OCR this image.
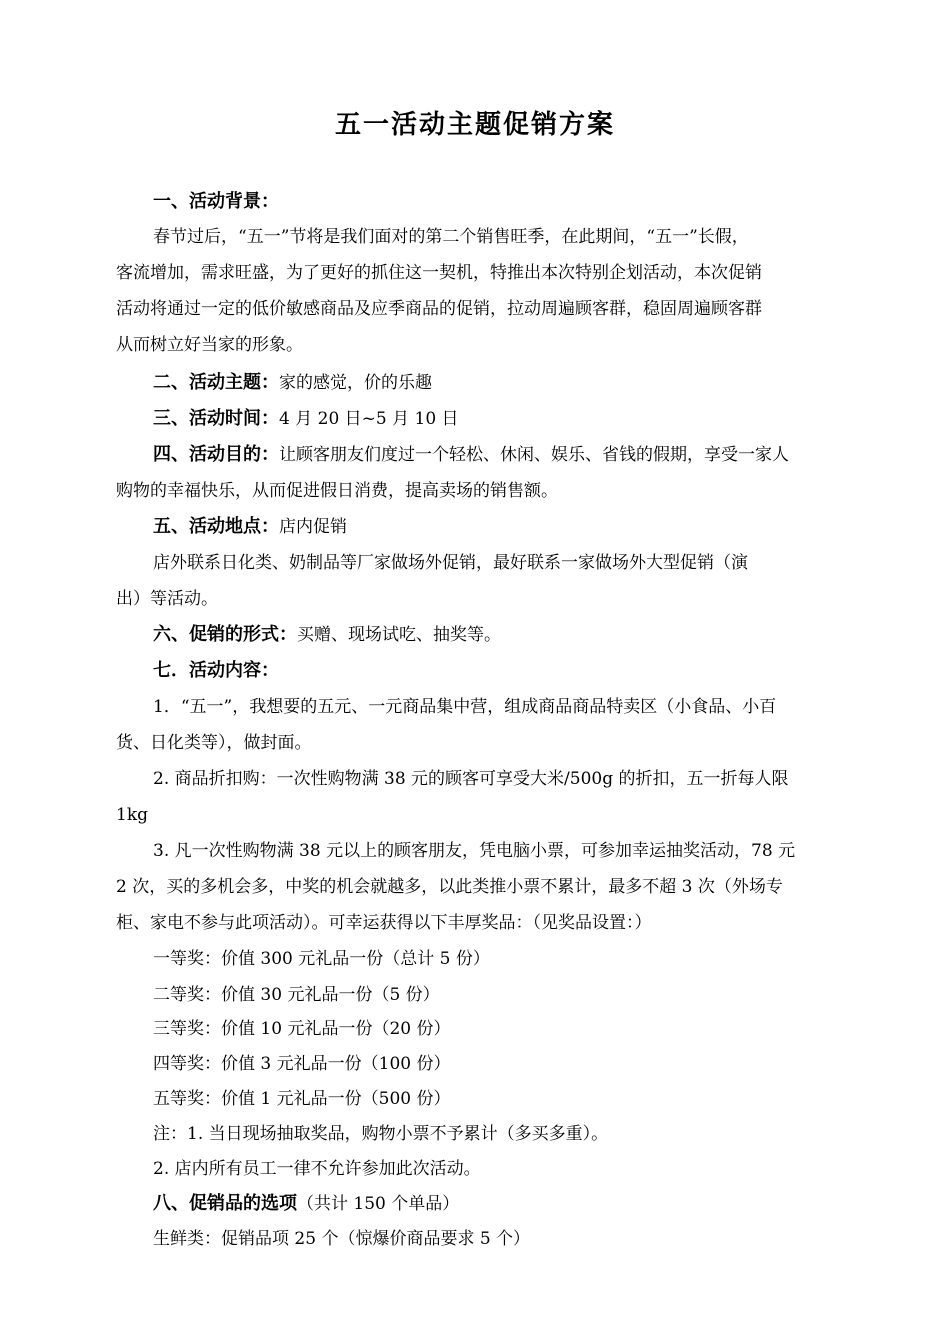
五一活动主题促销方案
一、活动背景：
春节过后，“五一”节将是我们面对的第二个销售旺季，在此期间，“五一”长假，
客流增加，需求旺盛，为了更好的抓住这一契机，特推出本次特别企划活动，本次促销
活动将通过一定的低价敏感商品及应季商品的促销，拉动周遍顾客群，稳固周遍顾客群
从而树立好当家的形象。
二、活动主题：家的感觉，价的乐趣
三、活动时间：4 月 20 日~5 月 10 日
四、活动目的：让顾客朋友们度过一个轻松、休闲、娱乐、省钱的假期，享受一家人
购物的幸福快乐，从而促进假日消费，提高卖场的销售额。
五、活动地点：店内促销
店外联系日化类、奶制品等厂家做场外促销，最好联系一家做场外大型促销（演
出）等活动。
六、促销的形式：买赠、现场试吃、抽奖等。
七．活动内容：
1．“五一”，我想要的五元、一元商品集中营，组成商品商品特卖区（小食品、小百
货、日化类等），做封面。
2. 商品折扣购：一次性购物满 38 元的顾客可享受大米/500g 的折扣，五一折每人限
1kg
3. 凡一次性购物满 38 元以上的顾客朋友，凭电脑小票，可参加幸运抽奖活动，78 元
2 次，买的多机会多，中奖的机会就越多，以此类推小票不累计，最多不超 3 次（外场专
柜、家电不参与此项活动）。可幸运获得以下丰厚奖品：（见奖品设置：）
一等奖：价值 300 元礼品一份（总计 5 份）
二等奖：价值 30 元礼品一份（5 份）
三等奖：价值 10 元礼品一份（20 份）
四等奖：价值 3 元礼品一份（100 份）
五等奖：价值 1 元礼品一份（500 份）
注：1. 当日现场抽取奖品，购物小票不予累计（多买多重）。
2. 店内所有员工一律不允许参加此次活动。
八、促销品的选项（共计 150 个单品）
生鲜类：促销品项 25 个（惊爆价商品要求 5 个）
